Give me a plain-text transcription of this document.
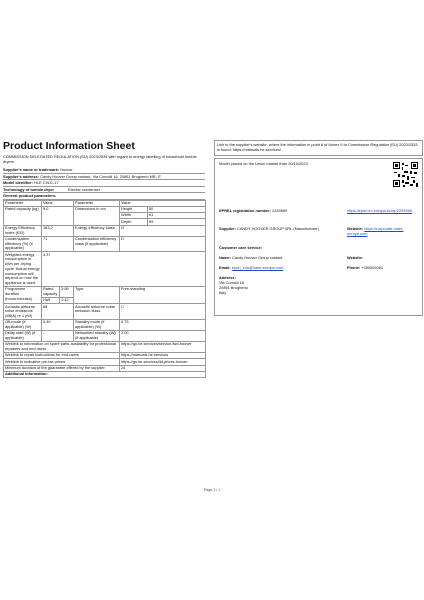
Product Information Sheet
COMMISSION DELEGATED REGULATION (EU) 2023/2534 with regard to energy labelling of household tumble dryers
Supplier's name or trademark: Hoover
Supplier's address: Candy Hoover Group contact, Via Comolli 16, 20861 Brugherio MB, IT
Model identifier: HLE C9LG-17
Technology of tumble dryer	Electric condenser
General product parameters:
Parameter	Value		Parameter	Value	
Rated capacity (kg)	9,0		Dimensions in cm	Height	60
				Width	61
				Depth	59
Energy Efficiency Index (EEI)	183,2		Energy efficiency class	G	
Condensation efficiency (%) (if applicable)	71		Condensation efficiency class (if applicable)	D	
Weighted energy consumption in kWh per drying cycle. Actual energy consumption will depend on how the appliance is used.	3,37				
Programme duration (hours:minutes)	Rated capacity	3:06	Type	Free-standing	
	Half	1:42			
Acoustic airborne noise emissions (dB(A) re 1 pW)	68		Acoustic airborne noise emission class	C	
Off-mode (if applicable) (W)	0,40		Standby mode (if applicable) (W)	0,75	
Delay start (W) (if applicable)	-		Networked standby (W) (if applicable)	2,00	
Weblink to information on spare parts availability for professional repairers and end users				https://go.he.services/service-fwd-hoover	
Weblink to repair instructions for end-users				https://manuals.he.services	
Weblink to indicative pre-tax prices				https://go.he.services/lid-prices-hoover	
Minimum duration of the guarantee offered by the supplier				24	
Additional information:					
Link to the supplier's website, where the information in point 6 of Annex II to Commission Regulation (EU) 2023/2533 is found: https://manuals.he.services/
Model placed on the Union market from 20/10/2023.
EPREL registration number: 2253969	https://eprel.ec.europa.eu/qr/2253969
Supplier: CANDY HOOVER GROUP SRL (Manufacturer)	Website: https://corporate.haier-europe.com
Customer care service:
Name: Candy Hoover Group contact	Website:
Email: eprel_info@haier-europe.com	Phone: +390392061
Address:
Via Comolli 16
20861 Brugherio
Italy
Page 1 / 1
